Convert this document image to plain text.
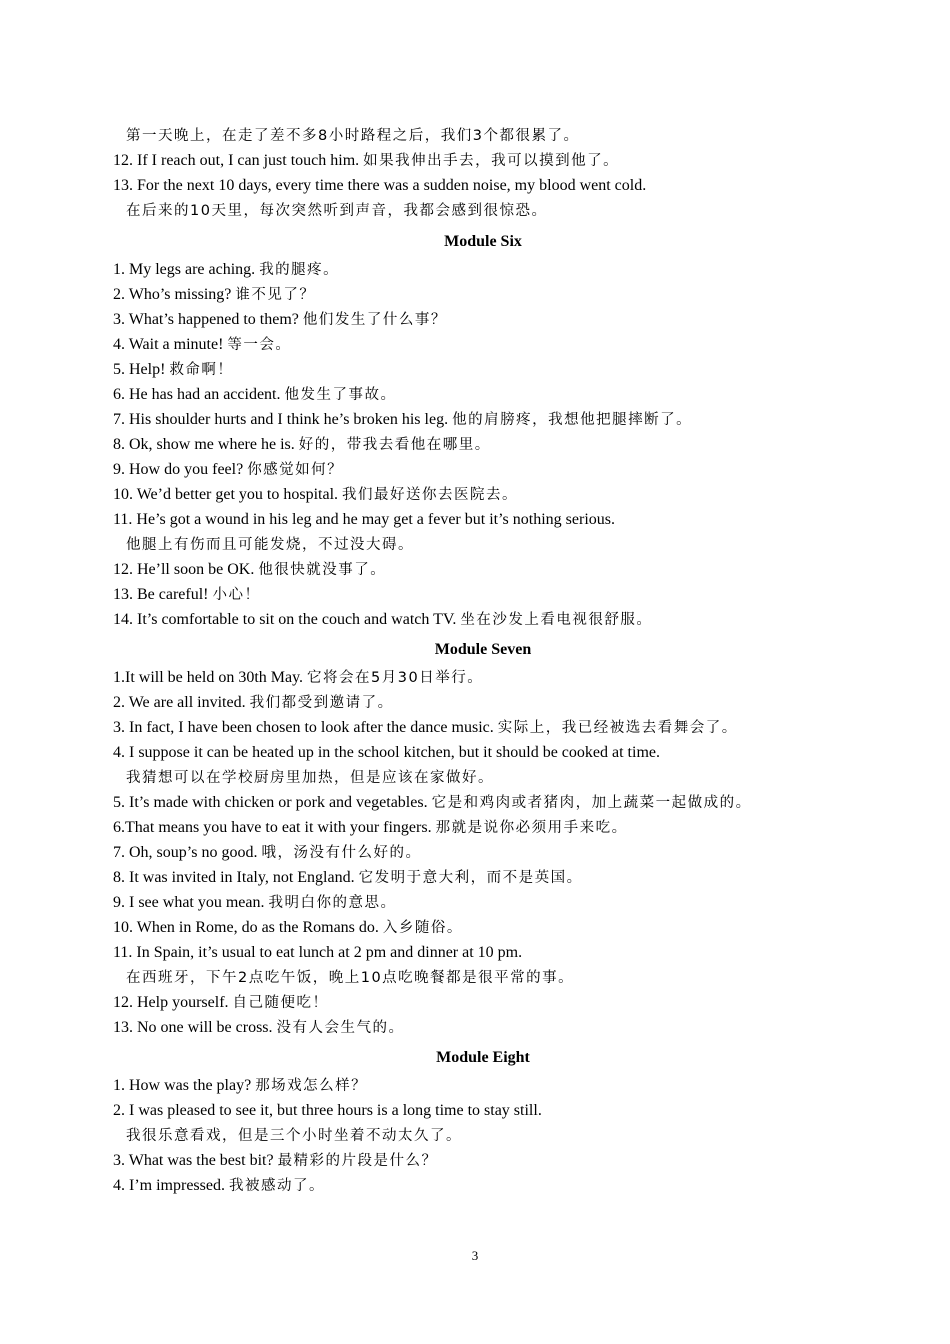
第一天晚上，在走了差不多8小时路程之后，我们3个都很累了。
12. If I reach out, I can just touch him. 如果我伸出手去，我可以摸到他了。
13. For the next 10 days, every time there was a sudden noise, my blood went cold.
在后来的10天里，每次突然听到声音，我都会感到很惊恐。
Module Six
1. My legs are aching. 我的腿疼。
2. Who’s missing? 谁不见了？
3. What’s happened to them? 他们发生了什么事？
4. Wait a minute! 等一会。
5. Help! 救命啊！
6. He has had an accident. 他发生了事故。
7. His shoulder hurts and I think he’s broken his leg. 他的肩膀疼，我想他把腿摔断了。
8. Ok, show me where he is. 好的，带我去看他在哪里。
9. How do you feel? 你感觉如何？
10. We’d better get you to hospital. 我们最好送你去医院去。
11. He’s got a wound in his leg and he may get a fever but it’s nothing serious.
他腿上有伤而且可能发烧，不过没大碍。
12. He’ll soon be OK. 他很快就没事了。
13. Be careful! 小心！
14. It’s comfortable to sit on the couch and watch TV. 坐在沙发上看电视很舒服。
Module Seven
1.It will be held on 30th May. 它将会在5月30日举行。
2. We are all invited. 我们都受到邀请了。
3. In fact, I have been chosen to look after the dance music. 实际上，我已经被选去看舞会了。
4. I suppose it can be heated up in the school kitchen, but it should be cooked at time.
我猜想可以在学校厨房里加热，但是应该在家做好。
5. It’s made with chicken or pork and vegetables. 它是和鸡肉或者猪肉，加上蔬菜一起做成的。
6.That means you have to eat it with your fingers. 那就是说你必须用手来吃。
7. Oh, soup’s no good. 哦，汤没有什么好的。
8. It was invited in Italy, not England. 它发明于意大利，而不是英国。
9. I see what you mean. 我明白你的意思。
10. When in Rome, do as the Romans do. 入乡随俗。
11. In Spain, it’s usual to eat lunch at 2 pm and dinner at 10 pm.
在西班牙，下午2点吃午饭，晚上10点吃晚餐都是很平常的事。
12. Help yourself. 自己随便吃！
13. No one will be cross. 没有人会生气的。
Module Eight
1. How was the play? 那场戏怎么样？
2. I was pleased to see it, but three hours is a long time to stay still.
我很乐意看戏，但是三个小时坐着不动太久了。
3. What was the best bit? 最精彩的片段是什么？
4. I’m impressed. 我被感动了。
3
